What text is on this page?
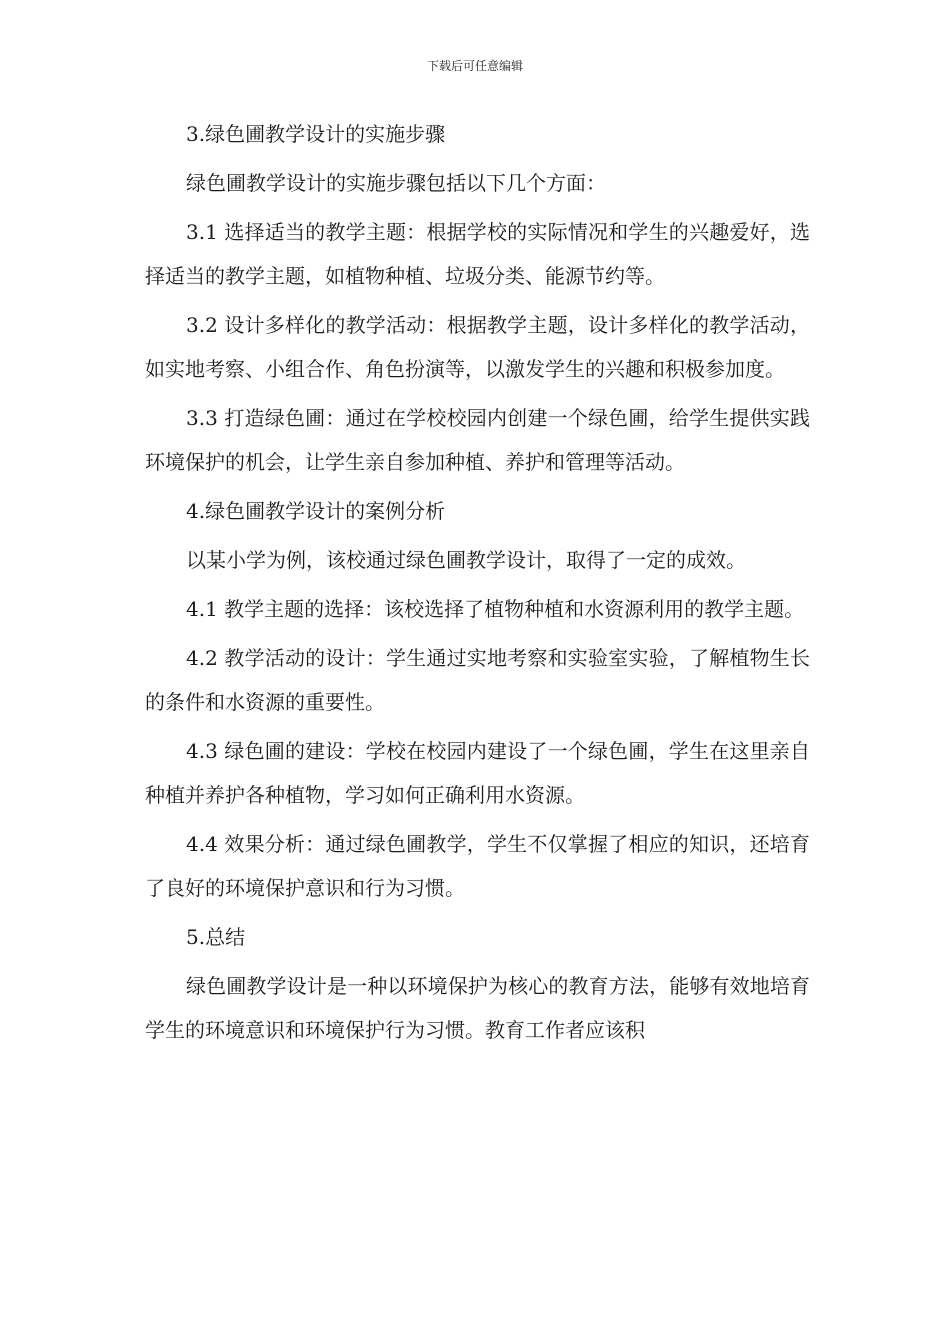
下载后可任意编辑

3.绿色圃教学设计的实施步骤

绿色圃教学设计的实施步骤包括以下几个方面：

3.1 选择适当的教学主题：根据学校的实际情况和学生的兴趣爱好，选择适当的教学主题，如植物种植、垃圾分类、能源节约等。

3.2 设计多样化的教学活动：根据教学主题，设计多样化的教学活动，如实地考察、小组合作、角色扮演等，以激发学生的兴趣和积极参加度。

3.3 打造绿色圃：通过在学校校园内创建一个绿色圃，给学生提供实践环境保护的机会，让学生亲自参加种植、养护和管理等活动。

4.绿色圃教学设计的案例分析

以某小学为例，该校通过绿色圃教学设计，取得了一定的成效。

4.1 教学主题的选择：该校选择了植物种植和水资源利用的教学主题。

4.2 教学活动的设计：学生通过实地考察和实验室实验，了解植物生长的条件和水资源的重要性。

4.3 绿色圃的建设：学校在校园内建设了一个绿色圃，学生在这里亲自种植并养护各种植物，学习如何正确利用水资源。

4.4 效果分析：通过绿色圃教学，学生不仅掌握了相应的知识，还培育了良好的环境保护意识和行为习惯。

5.总结

绿色圃教学设计是一种以环境保护为核心的教育方法，能够有效地培育学生的环境意识和环境保护行为习惯。教育工作者应该积
